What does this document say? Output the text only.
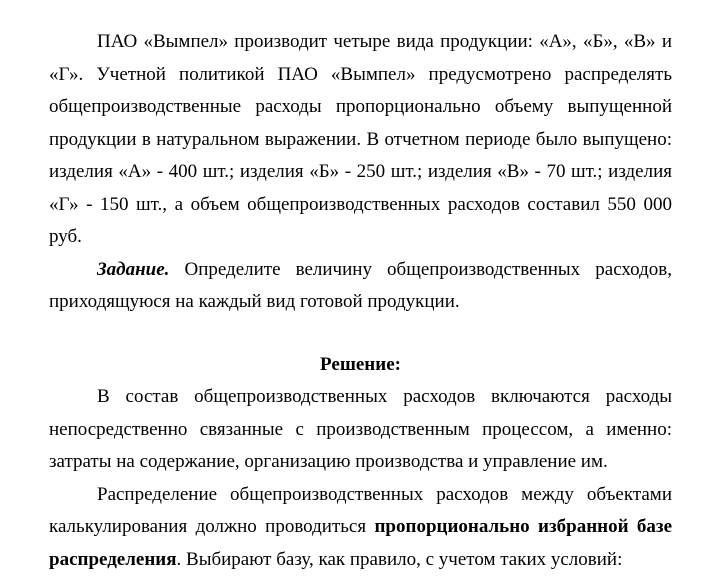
ПАО «Вымпел» производит четыре вида продукции: «А», «Б», «В» и «Г». Учетной политикой ПАО «Вымпел» предусмотрено распределять общепроизводственные расходы пропорционально объему выпущенной продукции в натуральном выражении. В отчетном периоде было выпущено: изделия «А» - 400 шт.; изделия «Б» - 250 шт.; изделия «В» - 70 шт.; изделия «Г» - 150 шт., а объем общепроизводственных расходов составил 550 000 руб.

Задание. Определите величину общепроизводственных расходов, приходящуюся на каждый вид готовой продукции.

Решение:

В состав общепроизводственных расходов включаются расходы непосредственно связанные с производственным процессом, а именно: затраты на содержание, организацию производства и управление им.

Распределение общепроизводственных расходов между объектами калькулирования должно проводиться пропорционально избранной базе распределения. Выбирают базу, как правило, с учетом таких условий:
